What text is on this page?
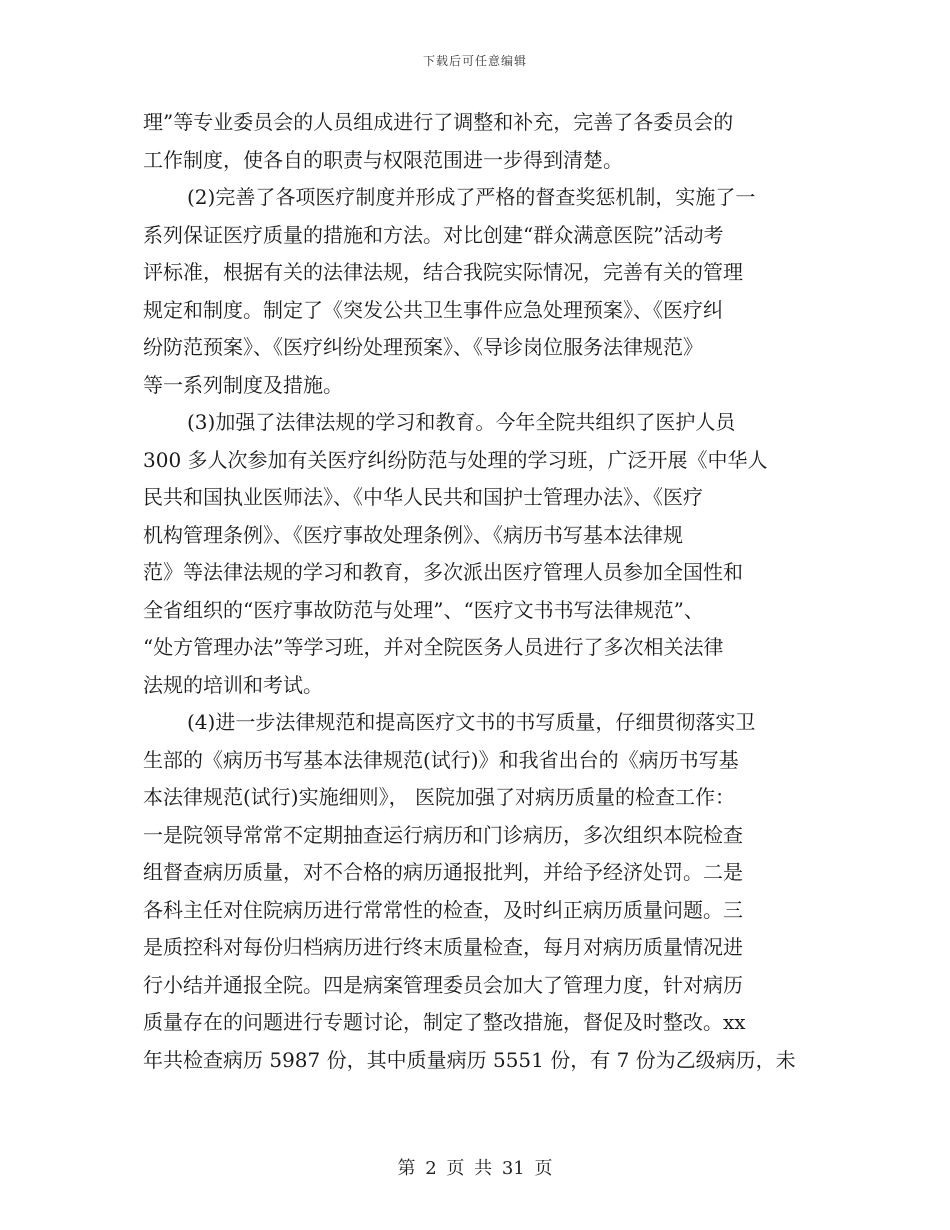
下载后可任意编辑
理”等专业委员会的人员组成进行了调整和补充，完善了各委员会的
工作制度，使各自的职责与权限范围进一步得到清楚。
(2)完善了各项医疗制度并形成了严格的督查奖惩机制，实施了一
系列保证医疗质量的措施和方法。对比创建“群众满意医院”活动考
评标准，根据有关的法律法规，结合我院实际情况，完善有关的管理
规定和制度。制定了《突发公共卫生事件应急处理预案》、《医疗纠
纷防范预案》、《医疗纠纷处理预案》、《导诊岗位服务法律规范》
等一系列制度及措施。
(3)加强了法律法规的学习和教育。今年全院共组织了医护人员
300 多人次参加有关医疗纠纷防范与处理的学习班，广泛开展《中华人
民共和国执业医师法》、《中华人民共和国护士管理办法》、《医疗
机构管理条例》、《医疗事故处理条例》、《病历书写基本法律规
范》等法律法规的学习和教育，多次派出医疗管理人员参加全国性和
全省组织的“医疗事故防范与处理”、“医疗文书书写法律规范”、
“处方管理办法”等学习班，并对全院医务人员进行了多次相关法律
法规的培训和考试。
(4)进一步法律规范和提高医疗文书的书写质量，仔细贯彻落实卫
生部的《病历书写基本法律规范(试行)》和我省出台的《病历书写基
本法律规范(试行)实施细则》， 医院加强了对病历质量的检查工作：
一是院领导常常不定期抽查运行病历和门诊病历，多次组织本院检查
组督查病历质量，对不合格的病历通报批判，并给予经济处罚。二是
各科主任对住院病历进行常常性的检查，及时纠正病历质量问题。三
是质控科对每份归档病历进行终末质量检查，每月对病历质量情况进
行小结并通报全院。四是病案管理委员会加大了管理力度，针对病历
质量存在的问题进行专题讨论，制定了整改措施，督促及时整改。xx
年共检查病历 5987 份，其中质量病历 5551 份，有 7 份为乙级病历，未
第 2 页 共 31 页
